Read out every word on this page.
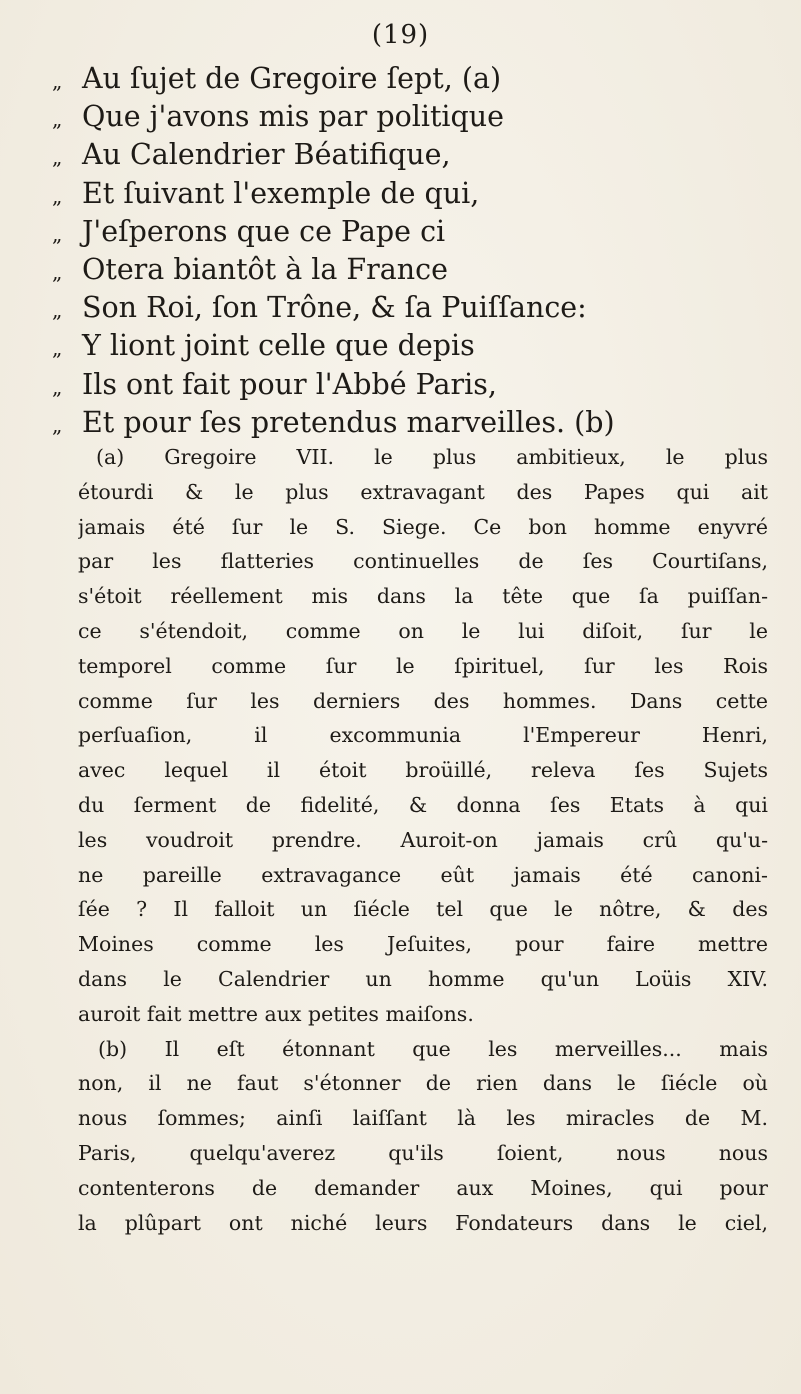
(19)
„ Au ſujet de Gregoire ſept, (a)
„ Que j'avons mis par politique
„ Au Calendrier Béatifique,
„ Et ſuivant l'exemple de qui,
„ J'eſperons que ce Pape ci
„ Otera biantôt à la France
„ Son Roi, ſon Trône, & ſa Puiſſance:
„ Y liont joint celle que depis
„ Ils ont fait pour l'Abbé Paris,
„ Et pour ſes pretendus marveilles. (b)
(a) Gregoire VII. le plus ambitieux, le plus
étourdi & le plus extravagant des Papes qui ait
jamais été ſur le S. Siege. Ce bon homme enyvré
par les flatteries continuelles de ſes Courtiſans,
s'étoit réellement mis dans la tête que ſa puiſſan-
ce s'étendoit, comme on le lui diſoit, ſur le
temporel comme ſur le ſpirituel, ſur les Rois
comme ſur les derniers des hommes. Dans cette
perſuaſion, il excommunia l'Empereur Henri,
avec lequel il étoit broüillé, releva ſes Sujets
du ſerment de fidelité, & donna ſes Etats à qui
les voudroit prendre. Auroit-on jamais crû qu'u-
ne pareille extravagance eût jamais été canoni-
ſée ? Il falloit un ſiécle tel que le nôtre, & des
Moines comme les Jeſuites, pour faire mettre
dans le Calendrier un homme qu'un Loüis XIV.
auroit fait mettre aux petites maiſons.
(b) Il eſt étonnant que les merveilles... mais
non, il ne faut s'étonner de rien dans le ſiécle où
nous ſommes; ainſi laiſſant là les miracles de M.
Paris, quelqu'averez qu'ils ſoient, nous nous
contenterons de demander aux Moines, qui pour
la plûpart ont niché leurs Fondateurs dans le ciel,
